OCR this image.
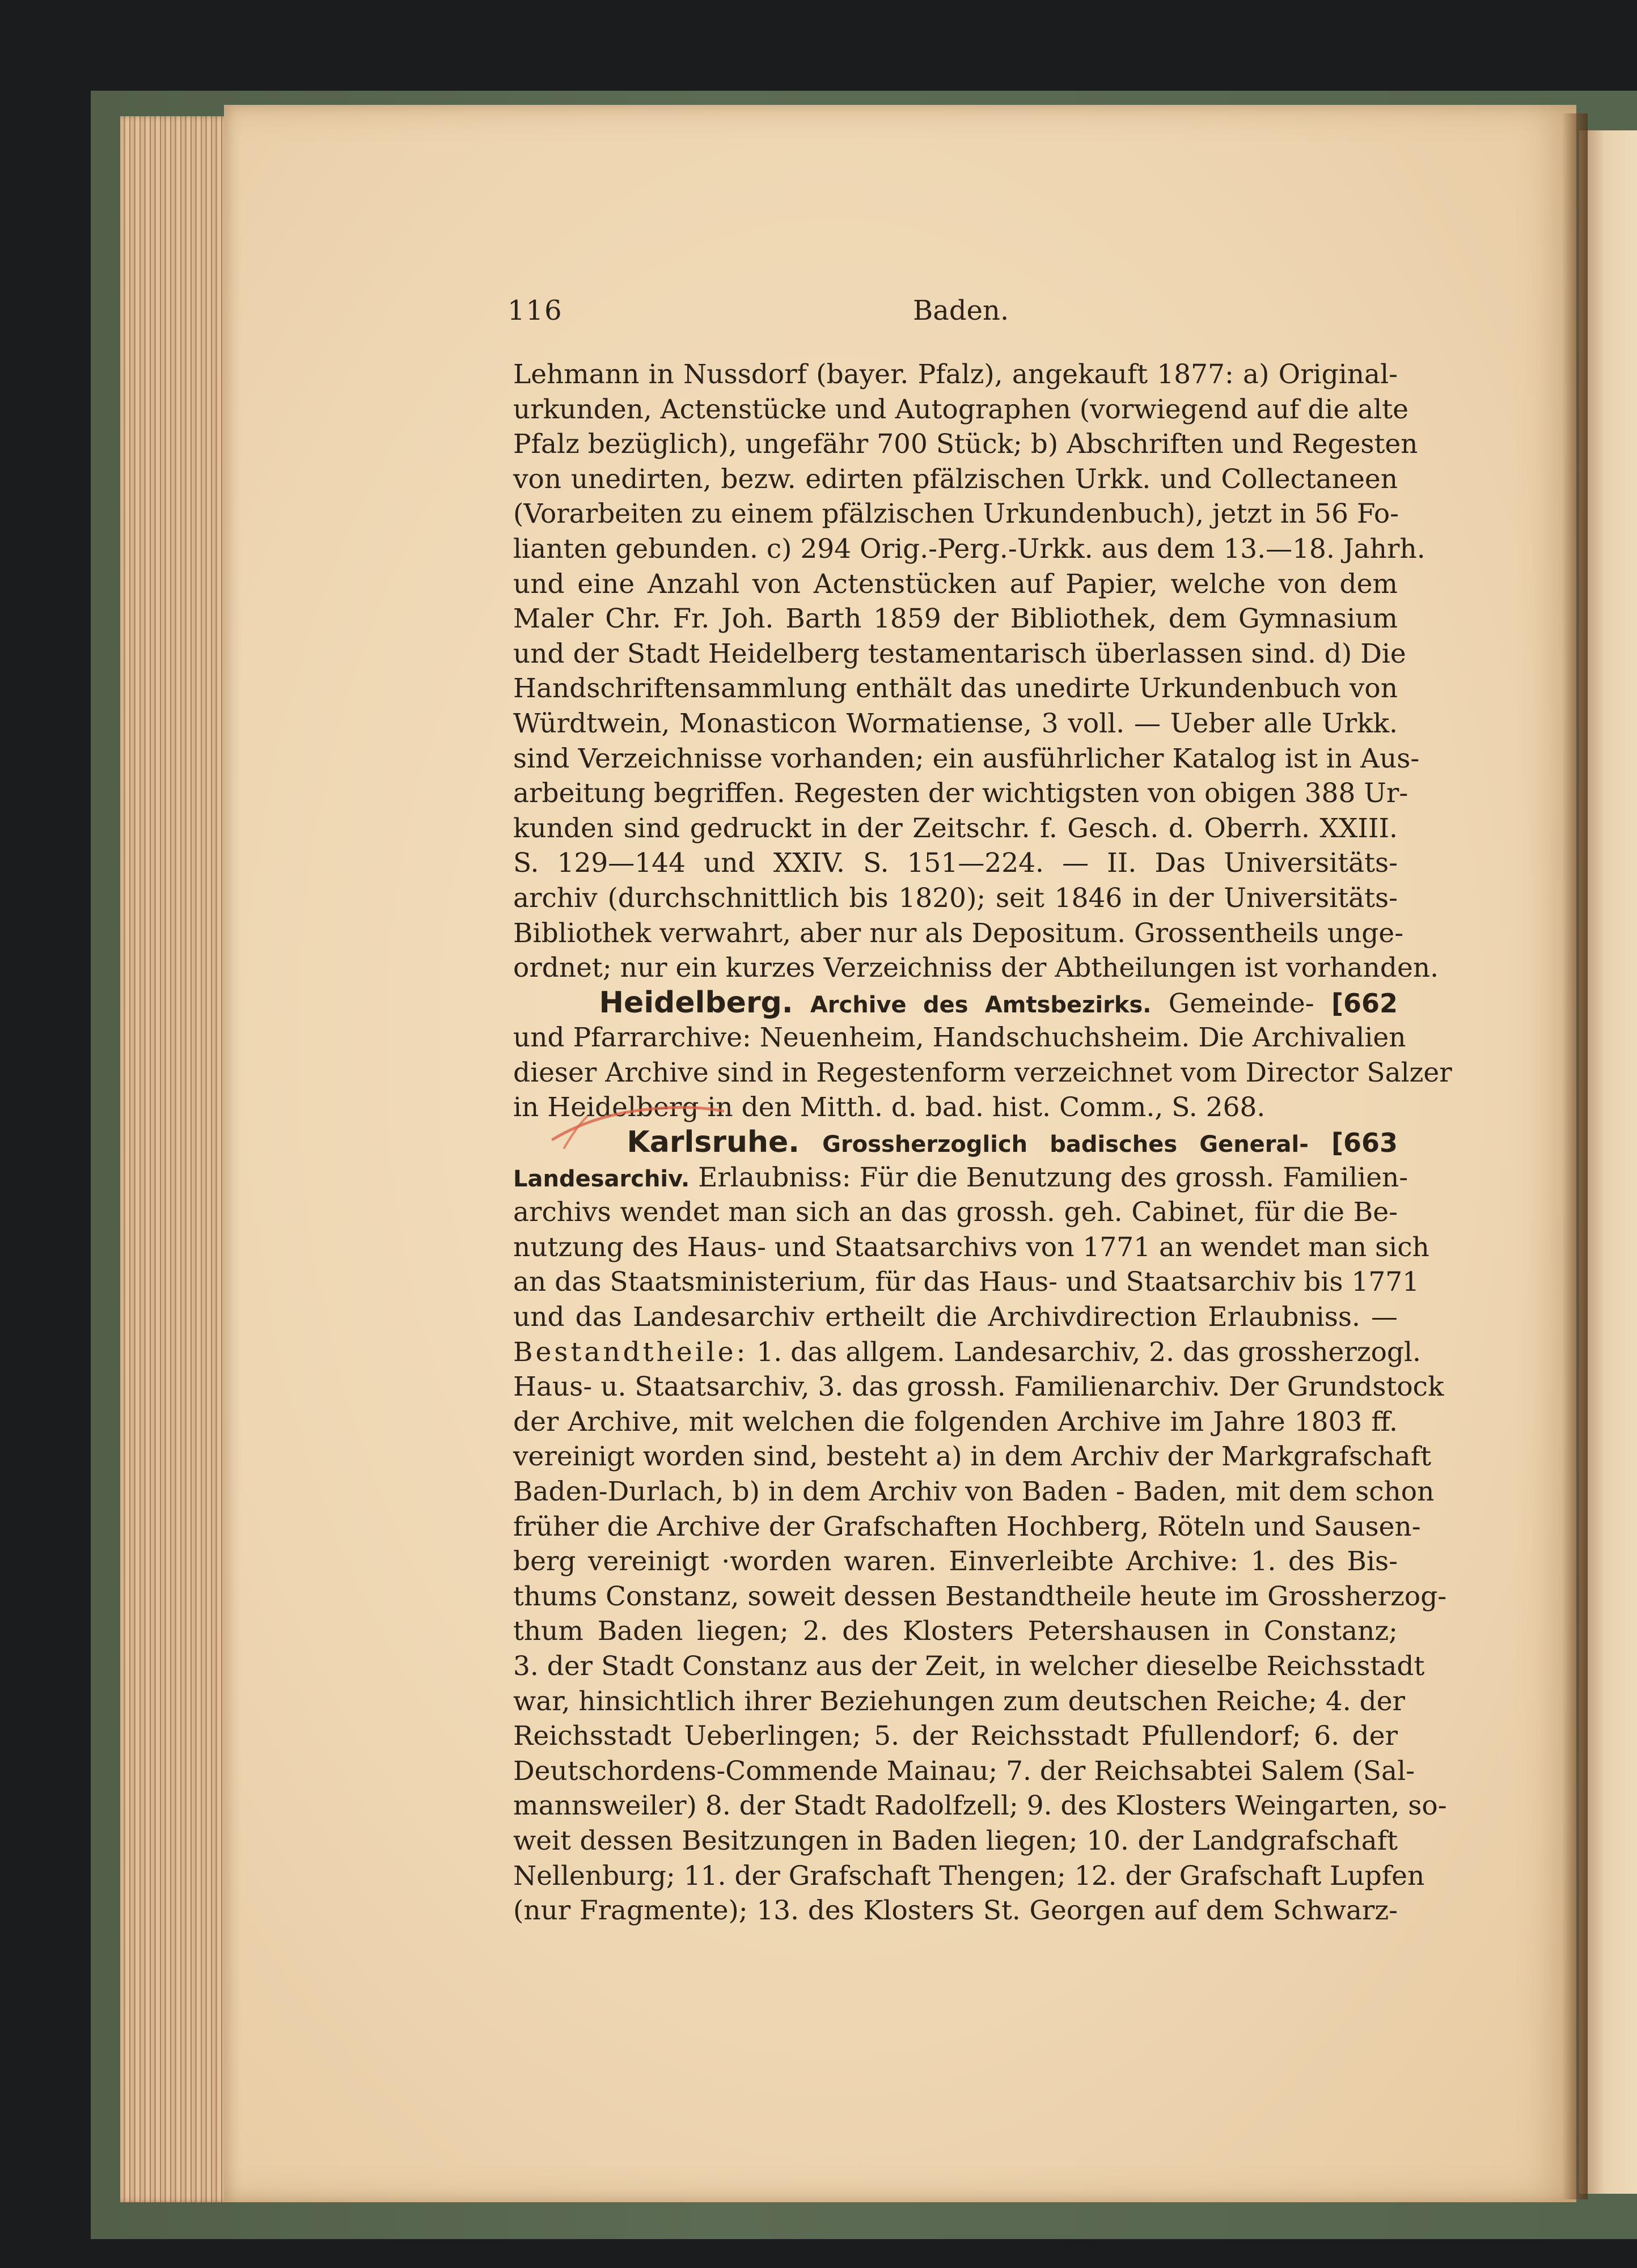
116	Baden.
Lehmann in Nussdorf (bayer. Pfalz), angekauft 1877: a) Original-
urkunden, Actenstücke und Autographen (vorwiegend auf die alte
Pfalz bezüglich), ungefähr 700 Stück; b) Abschriften und Regesten
von unedirten, bezw. edirten pfälzischen Urkk. und Collectaneen
(Vorarbeiten zu einem pfälzischen Urkundenbuch), jetzt in 56 Fo-
lianten gebunden. c) 294 Orig.-Perg.-Urkk. aus dem 13.—18. Jahrh.
und eine Anzahl von Actenstücken auf Papier, welche von dem
Maler Chr. Fr. Joh. Barth 1859 der Bibliothek, dem Gymnasium
und der Stadt Heidelberg testamentarisch überlassen sind. d) Die
Handschriftensammlung enthält das unedirte Urkundenbuch von
Würdtwein, Monasticon Wormatiense, 3 voll. — Ueber alle Urkk.
sind Verzeichnisse vorhanden; ein ausführlicher Katalog ist in Aus-
arbeitung begriffen. Regesten der wichtigsten von obigen 388 Ur-
kunden sind gedruckt in der Zeitschr. f. Gesch. d. Oberrh. XXIII.
S. 129—144 und XXIV. S. 151—224. — II. Das Universitäts-
archiv (durchschnittlich bis 1820); seit 1846 in der Universitäts-
Bibliothek verwahrt, aber nur als Depositum. Grossentheils unge-
ordnet; nur ein kurzes Verzeichniss der Abtheilungen ist vorhanden.
Heidelberg. Archive des Amtsbezirks. Gemeinde- [662
und Pfarrarchive: Neuenheim, Handschuchsheim. Die Archivalien
dieser Archive sind in Regestenform verzeichnet vom Director Salzer
in Heidelberg in den Mitth. d. bad. hist. Comm., S. 268.
Karlsruhe. Grossherzoglich badisches General- [663
Landesarchiv. Erlaubniss: Für die Benutzung des grossh. Familien-
archivs wendet man sich an das grossh. geh. Cabinet, für die Be-
nutzung des Haus- und Staatsarchivs von 1771 an wendet man sich
an das Staatsministerium, für das Haus- und Staatsarchiv bis 1771
und das Landesarchiv ertheilt die Archivdirection Erlaubniss. —
Bestandtheile: 1. das allgem. Landesarchiv, 2. das grossherzogl.
Haus- u. Staatsarchiv, 3. das grossh. Familienarchiv. Der Grundstock
der Archive, mit welchen die folgenden Archive im Jahre 1803 ff.
vereinigt worden sind, besteht a) in dem Archiv der Markgrafschaft
Baden-Durlach, b) in dem Archiv von Baden - Baden, mit dem schon
früher die Archive der Grafschaften Hochberg, Röteln und Sausen-
berg vereinigt ·worden waren. Einverleibte Archive: 1. des Bis-
thums Constanz, soweit dessen Bestandtheile heute im Grossherzog-
thum Baden liegen; 2. des Klosters Petershausen in Constanz;
3. der Stadt Constanz aus der Zeit, in welcher dieselbe Reichsstadt
war, hinsichtlich ihrer Beziehungen zum deutschen Reiche; 4. der
Reichsstadt Ueberlingen; 5. der Reichsstadt Pfullendorf; 6. der
Deutschordens-Commende Mainau; 7. der Reichsabtei Salem (Sal-
mannsweiler) 8. der Stadt Radolfzell; 9. des Klosters Weingarten, so-
weit dessen Besitzungen in Baden liegen; 10. der Landgrafschaft
Nellenburg; 11. der Grafschaft Thengen; 12. der Grafschaft Lupfen
(nur Fragmente); 13. des Klosters St. Georgen auf dem Schwarz-
